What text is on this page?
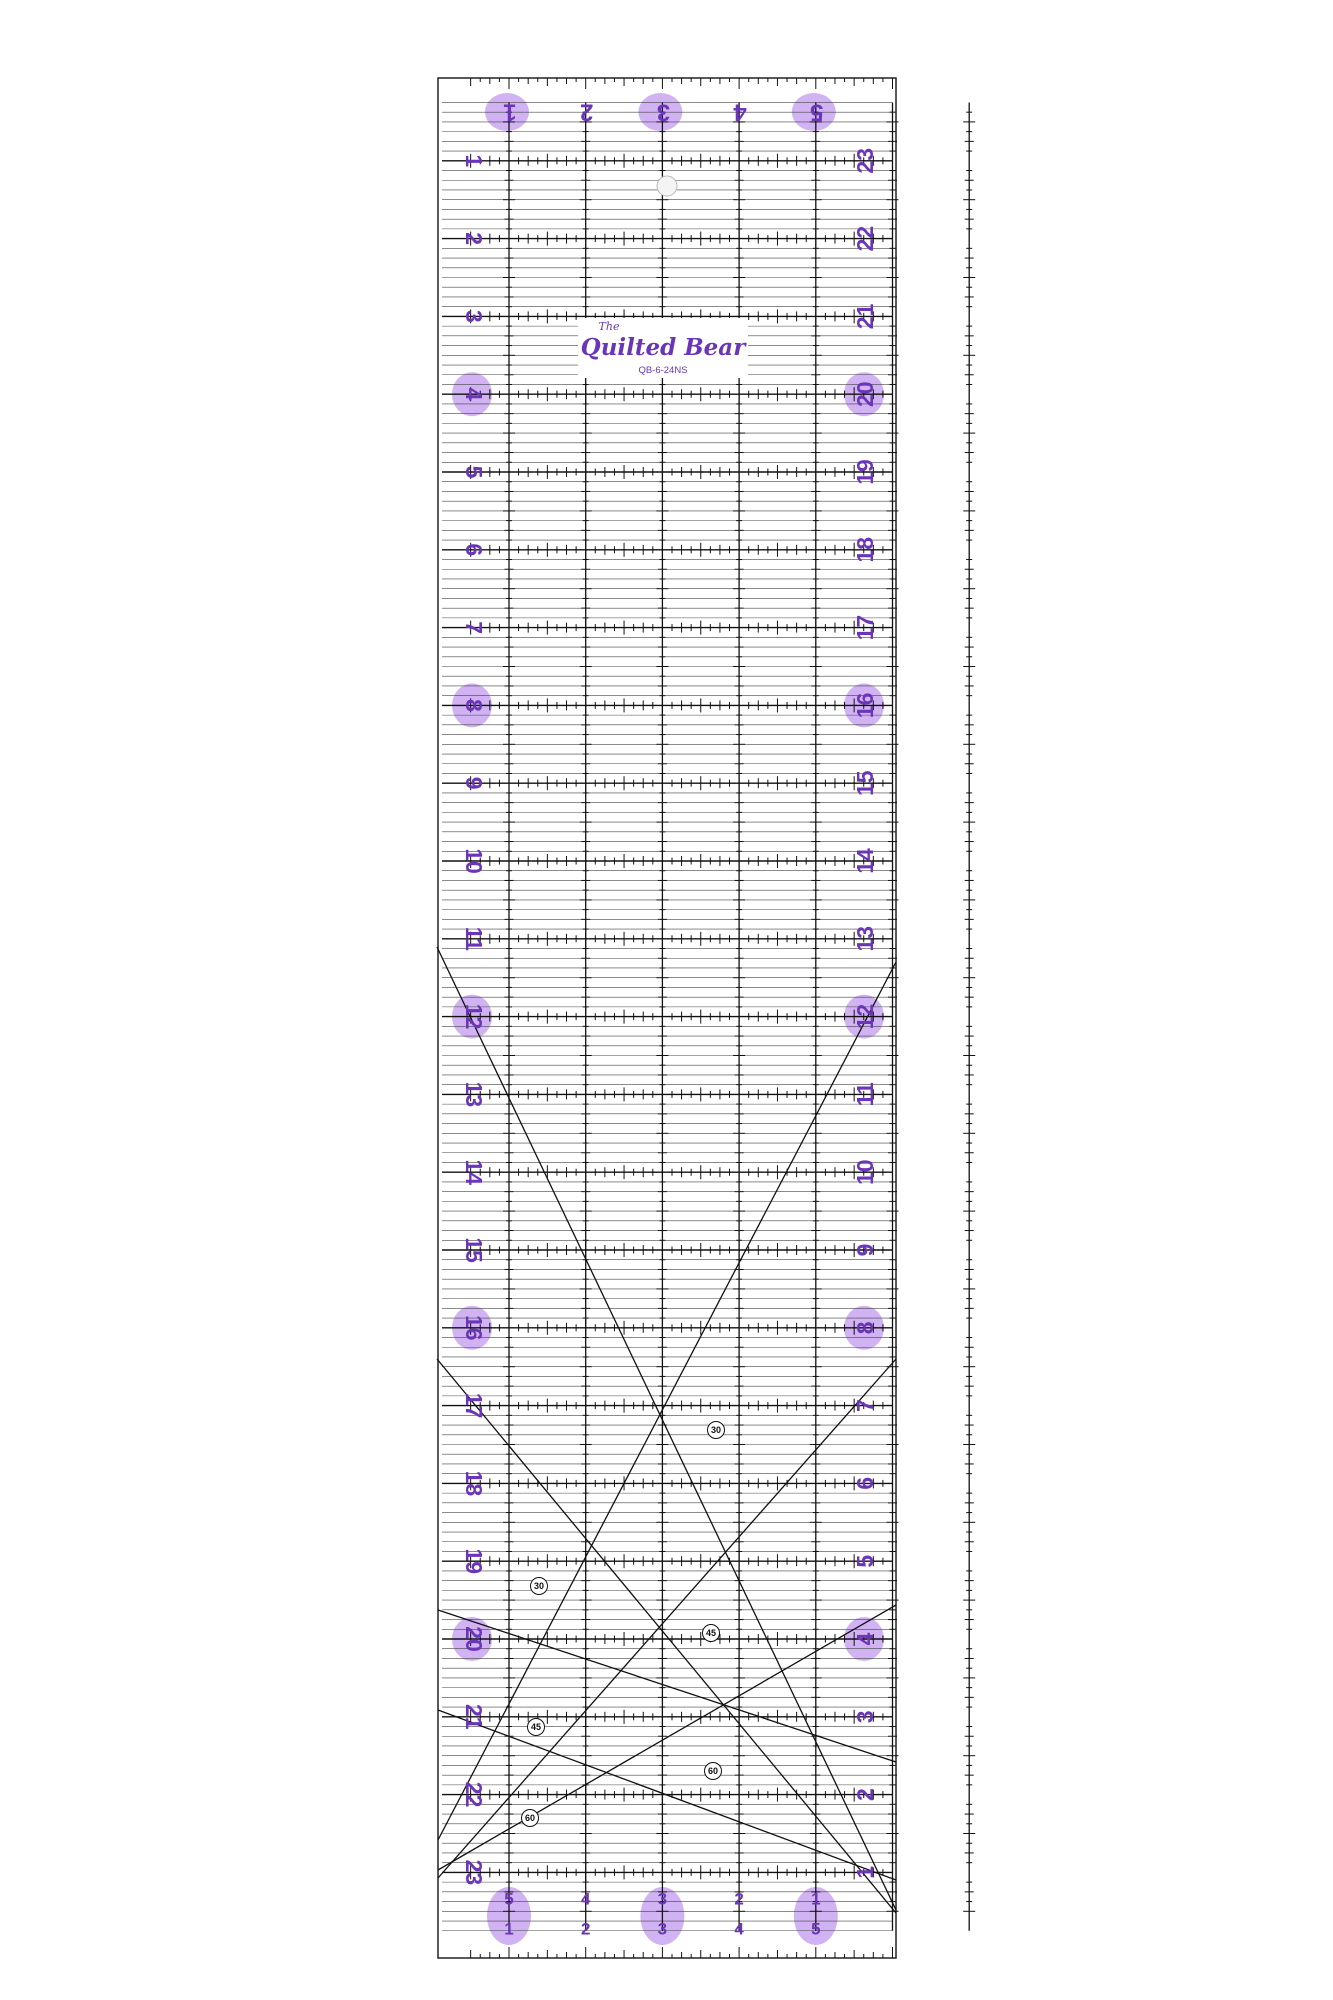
30
30
45
45
60
60
The
Quilted Bear
QB-6-24NS
1	2	3	4	5
1
2
3
4
5
6
7
8
9
10
11
12
13
14
15
16
17
18
19
20
21
22
23
23
22
21
20
19
18
17
16
15
14
13
12
11
10
9
8
7
6
5
4
3
2
1
5	4	3	2	1
1	2	3	4	5
